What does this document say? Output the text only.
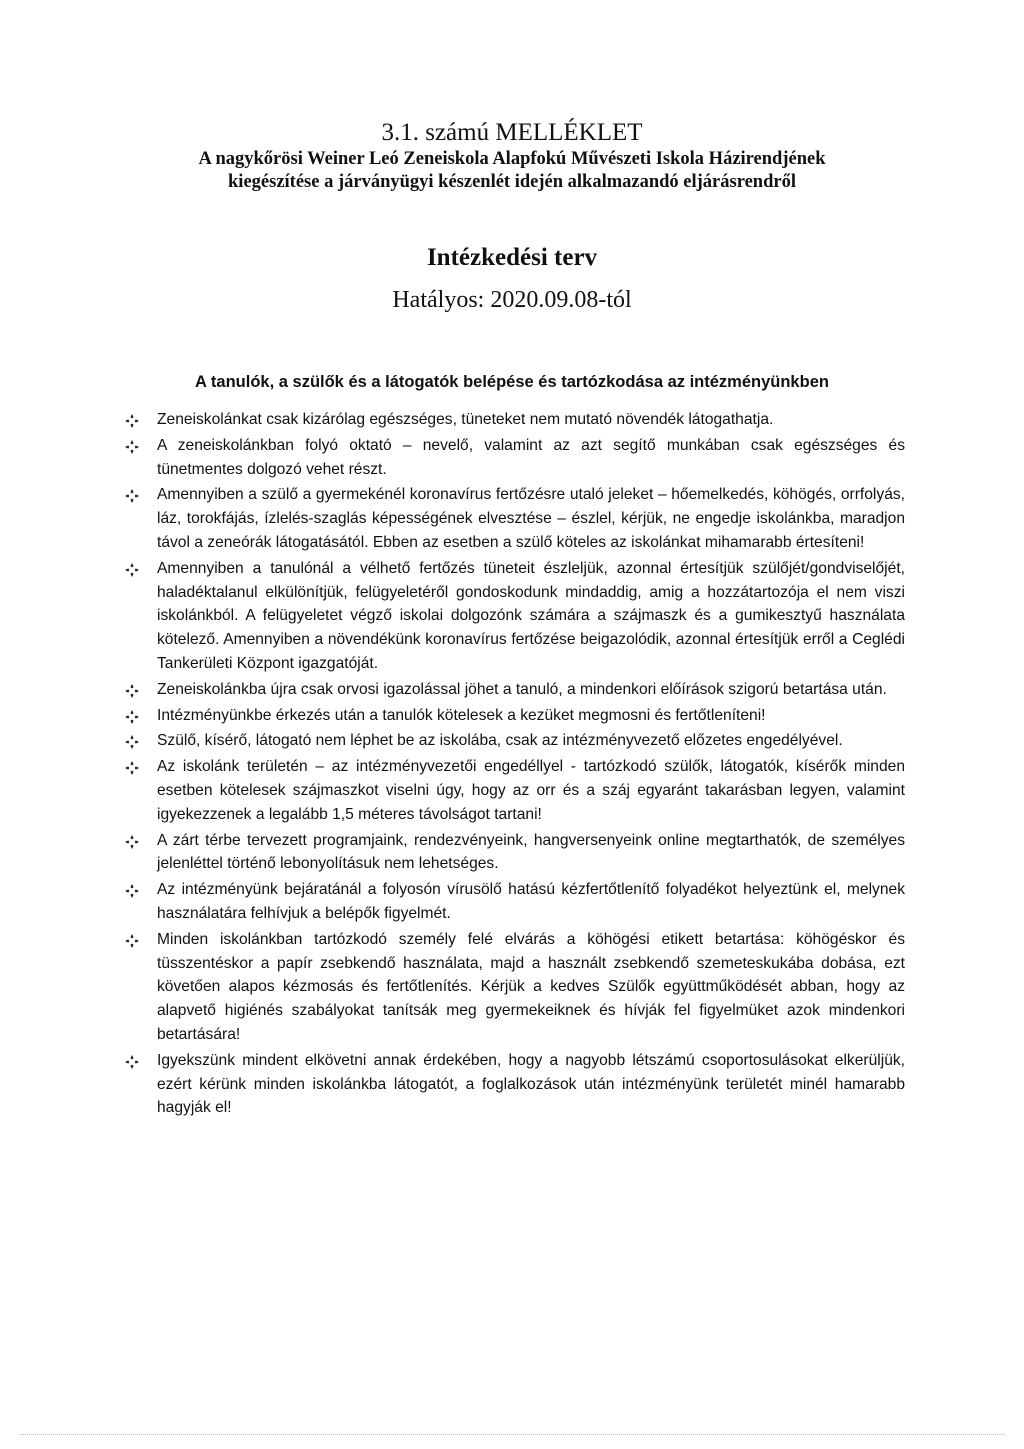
3.1. számú MELLÉKLET

A nagykőrösi Weiner Leó Zeneiskola Alapfokú Művészeti Iskola Házirendjének

kiegészítése a járványügyi készenlét idején alkalmazandó eljárásrendről

Intézkedési terv
Hatályos: 2020.09.08-tól
A tanulók, a szülők és a látogatók belépése és tartózkodása az intézményünkben
Zeneiskolánkat csak kizárólag egészséges, tüneteket nem mutató növendék látogathatja.
A zeneiskolánkban folyó oktató – nevelő, valamint az azt segítő munkában csak egészséges és tünetmentes dolgozó vehet részt.
Amennyiben a szülő a gyermekénél koronavírus fertőzésre utaló jeleket – hőemelkedés, köhögés, orrfolyás, láz, torokfájás, ízlelés-szaglás képességének elvesztése – észlel, kérjük, ne engedje iskolánkba, maradjon távol a zeneórák látogatásától. Ebben az esetben a szülő köteles az iskolánkat mihamarabb értesíteni!
Amennyiben a tanulónál a vélhető fertőzés tüneteit észleljük, azonnal értesítjük szülőjét/gondviselőjét, haladéktalanul elkülönítjük, felügyeletéről gondoskodunk mindaddig, amig a hozzátartozója el nem viszi iskolánkból. A felügyeletet végző iskolai dolgozónk számára a szájmaszk és a gumikesztyű használata kötelező. Amennyiben a növendékünk koronavírus fertőzése beigazolódik, azonnal értesítjük erről a Ceglédi Tankerületi Központ igazgatóját.
Zeneiskolánkba újra csak orvosi igazolással jöhet a tanuló, a mindenkori előírások szigorú betartása után.
Intézményünkbe érkezés után a tanulók kötelesek a kezüket megmosni és fertőtleníteni!
Szülő, kísérő, látogató nem léphet be az iskolába, csak az intézményvezető előzetes engedélyével.
Az iskolánk területén – az intézményvezetői engedéllyel - tartózkodó szülők, látogatók, kísérők minden esetben kötelesek szájmaszkot viselni úgy, hogy az orr és a száj egyaránt takarásban legyen, valamint igyekezzenek a legalább 1,5 méteres távolságot tartani!
A zárt térbe tervezett programjaink, rendezvényeink, hangversenyeink online megtarthatók, de személyes jelenléttel történő lebonyolításuk nem lehetséges.
Az intézményünk bejáratánál a folyosón vírusölő hatású kézfertőtlenítő folyadékot helyeztünk el, melynek használatára felhívjuk a belépők figyelmét.
Minden iskolánkban tartózkodó személy felé elvárás a köhögési etikett betartása: köhögéskor és tüsszentéskor a papír zsebkendő használata, majd a használt zsebkendő szemeteskukába dobása, ezt követően alapos kézmosás és fertőtlenítés. Kérjük a kedves Szülők együttműködését abban, hogy az alapvető higiénés szabályokat tanítsák meg gyermekeiknek és hívják fel figyelmüket azok mindenkori betartására!
Igyekszünk mindent elkövetni annak érdekében, hogy a nagyobb létszámú csoportosulásokat elkerüljük, ezért kérünk minden iskolánkba látogatót, a foglalkozások után intézményünk területét minél hamarabb hagyják el!
